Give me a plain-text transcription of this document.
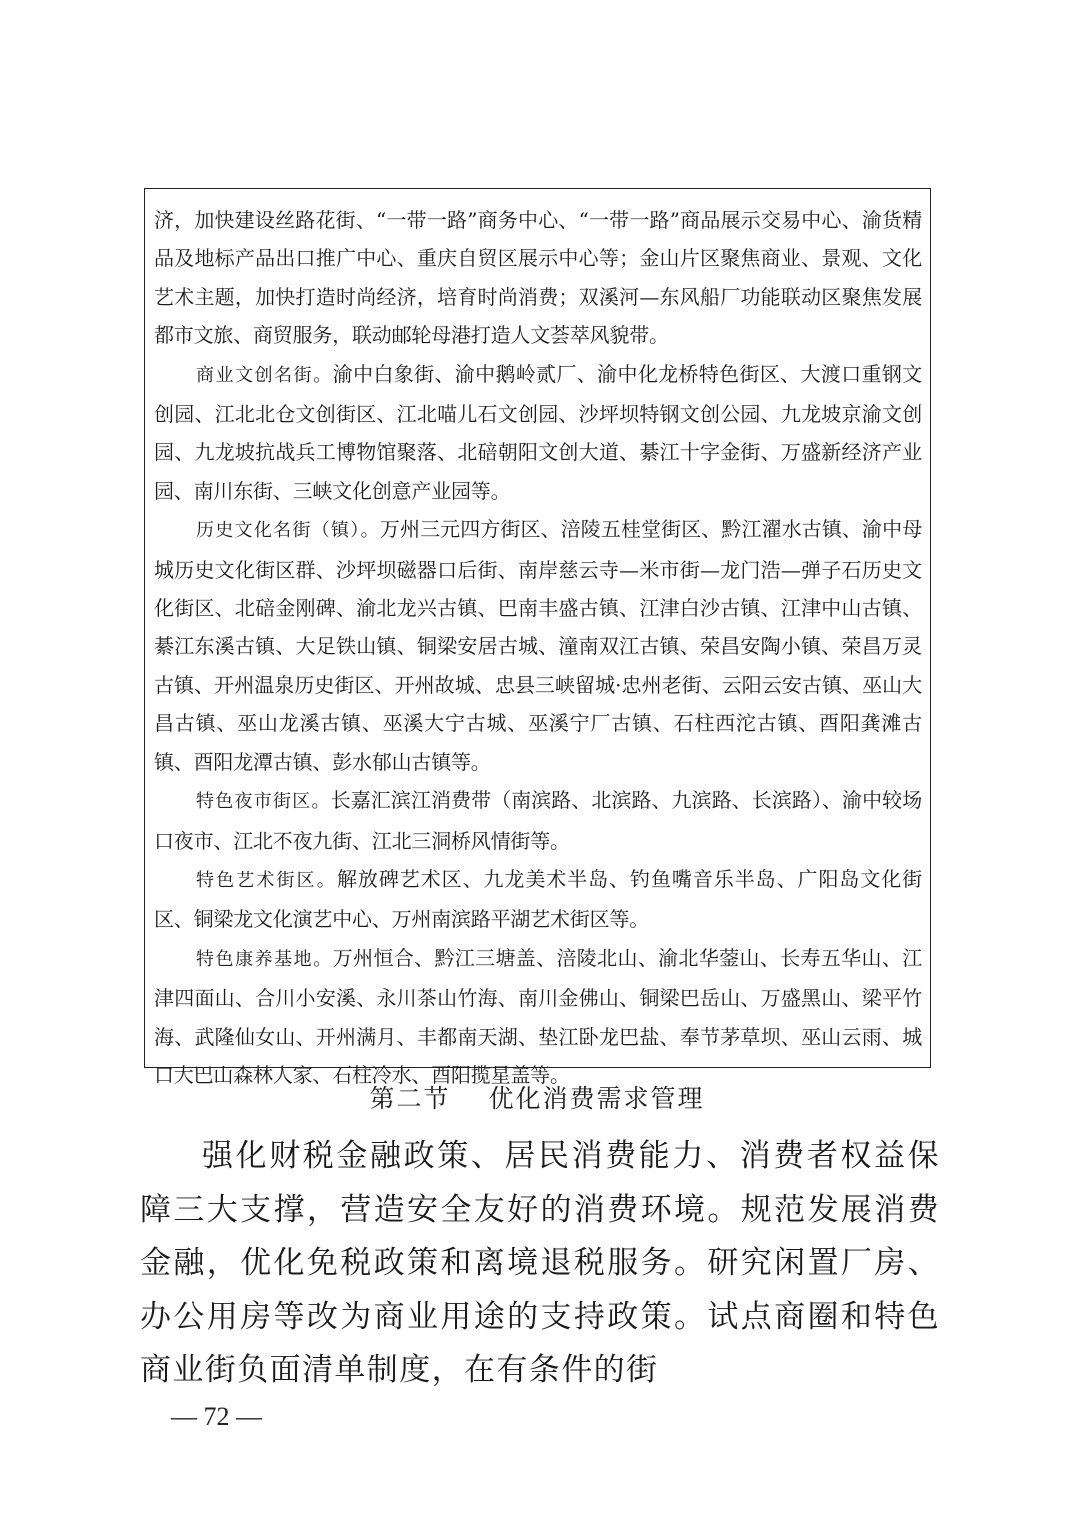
济，加快建设丝路花街、“一带一路”商务中心、“一带一路”商品展示交易中心、渝货精品及地标产品出口推广中心、重庆自贸区展示中心等；金山片区聚焦商业、景观、文化艺术主题，加快打造时尚经济，培育时尚消费；双溪河—东风船厂功能联动区聚焦发展都市文旅、商贸服务，联动邮轮母港打造人文荟萃风貌带。

商业文创名街。渝中白象街、渝中鹅岭贰厂、渝中化龙桥特色街区、大渡口重钢文创园、江北北仓文创街区、江北喵儿石文创园、沙坪坝特钢文创公园、九龙坡京渝文创园、九龙坡抗战兵工博物馆聚落、北碚朝阳文创大道、綦江十字金街、万盛新经济产业园、南川东街、三峡文化创意产业园等。

历史文化名街（镇）。万州三元四方街区、涪陵五桂堂街区、黔江濯水古镇、渝中母城历史文化街区群、沙坪坝磁器口后街、南岸慈云寺—米市街—龙门浩—弹子石历史文化街区、北碚金刚碑、渝北龙兴古镇、巴南丰盛古镇、江津白沙古镇、江津中山古镇、綦江东溪古镇、大足铁山镇、铜梁安居古城、潼南双江古镇、荣昌安陶小镇、荣昌万灵古镇、开州温泉历史街区、开州故城、忠县三峡留城·忠州老街、云阳云安古镇、巫山大昌古镇、巫山龙溪古镇、巫溪大宁古城、巫溪宁厂古镇、石柱西沱古镇、酉阳龚滩古镇、酉阳龙潭古镇、彭水郁山古镇等。

特色夜市街区。长嘉汇滨江消费带（南滨路、北滨路、九滨路、长滨路）、渝中较场口夜市、江北不夜九街、江北三洞桥风情街等。

特色艺术街区。解放碑艺术区、九龙美术半岛、钓鱼嘴音乐半岛、广阳岛文化街区、铜梁龙文化演艺中心、万州南滨路平湖艺术街区等。

特色康养基地。万州恒合、黔江三塘盖、涪陵北山、渝北华蓥山、长寿五华山、江津四面山、合川小安溪、永川茶山竹海、南川金佛山、铜梁巴岳山、万盛黑山、梁平竹海、武隆仙女山、开州满月、丰都南天湖、垫江卧龙巴盐、奉节茅草坝、巫山云雨、城口大巴山森林人家、石柱冷水、酉阳揽星盖等。

第二节 优化消费需求管理

强化财税金融政策、居民消费能力、消费者权益保障三大支撑，营造安全友好的消费环境。规范发展消费金融，优化免税政策和离境退税服务。研究闲置厂房、办公用房等改为商业用途的支持政策。试点商圈和特色商业街负面清单制度，在有条件的街

— 72 —
